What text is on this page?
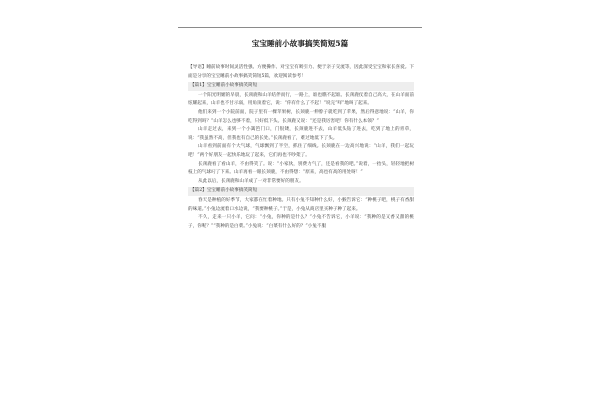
宝宝睡前小故事搞笑简短5篇

【导语】睡前故事时间灵活性强、方便操作、对宝宝有吸引力、便于亲子交流等，因此深受宝宝和家长喜爱。下面是分享的宝宝睡前小故事搞笑简短5篇，欢迎阅读参考！

【篇1】宝宝睡前小故事搞笑简短

一个阳光明媚的早晨，长颈鹿和山羊结伴而行，一路上，谁也瞧不起谁。长颈鹿仗着自己高大，在山羊面前炫耀起来，山羊也不甘示弱，用角顶着它，说：“你有什么了不起！”说完“咩”地叫了起来。

他们来到一个小院前面，院子里有一棵苹果树，长颈鹿一伸脖子就吃到了苹果，然后得意地说：“山羊，你吃得到吗？”山羊怎么也够不着，只好低下头。长颈鹿又说：“还是我厉害吧！你有什么本领？”

山羊走过去，来到一个小篱笆门口，门很矮，长颈鹿进不去，山羊低头钻了进去，吃到了地上的青草，说：“我虽然不高，但我也有自己的长处。”长颈鹿看了，难过地低下了头。

山羊看到前面有个大气球，气球飘到了半空，抓住了细线。长颈鹿在一边高兴地说：“山羊，我们一起玩吧！”两个好朋友一起快乐地玩了起来，它们再也不吵架了。

长颈鹿看了看山羊，不由得笑了。说：“小家伙，别费力气了，还是看我的吧。”说着，一抬头，轻轻地把树枝上的气球叼了下来。山羊再看一眼长颈鹿，不由得想：“原来，高也有高的用处呀！”

从此以后，长颈鹿和山羊成了一对非常要好的朋友。

【篇2】宝宝睡前小故事搞笑简短

春天是种植的好季节，大家都在忙着种地。只有小兔不知种什么好，小猴告诉它：“种桃子吧，桃子有香甜的味道。”小兔边流着口水边说，“我要种桃子。”于是，小兔从商店里买种子种了起来。

不久，走来一只小羊，它问：“小兔，你种的是什么？”小兔不告诉它，小羊说：“我种的是又香又甜的桃子，你呢？”“我种的是白菜。”小兔说：“白菜有什么好的？”小兔不服
